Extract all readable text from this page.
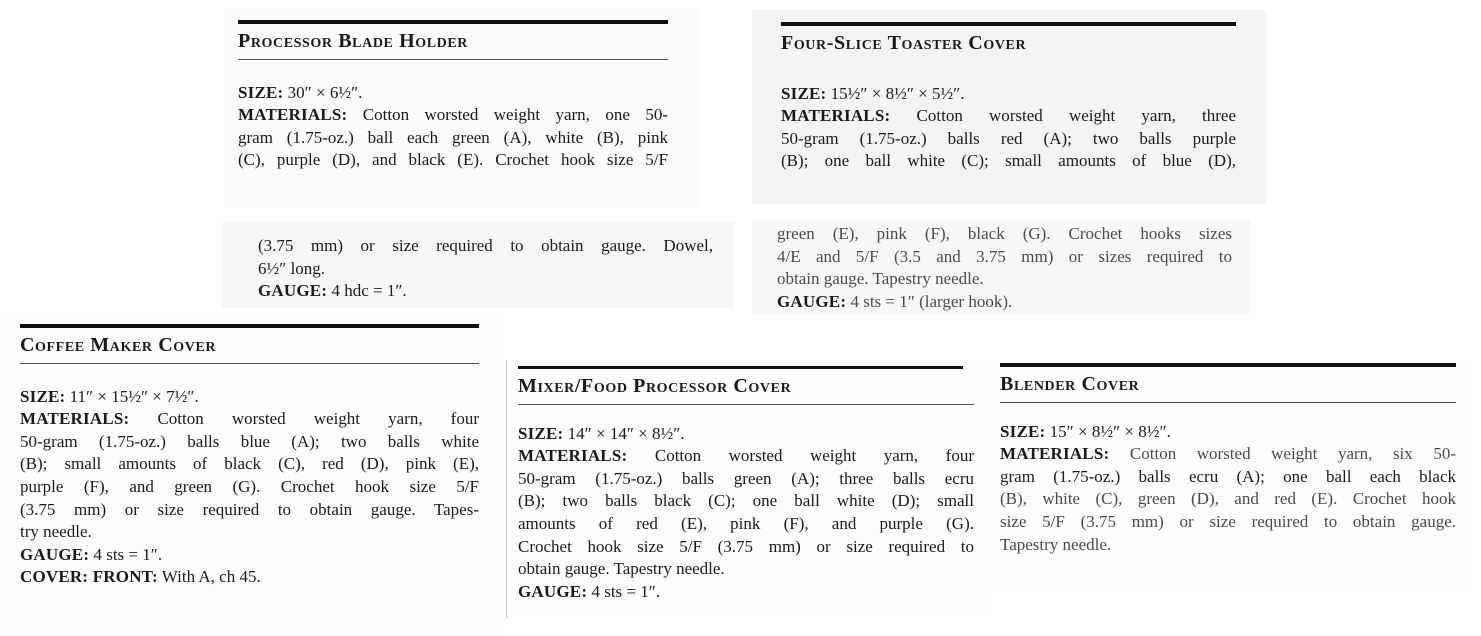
Processor Blade Holder
SIZE: 30″ × 6½″.
MATERIALS: Cotton worsted weight yarn, one 50-
gram (1.75-oz.) ball each green (A), white (B), pink
(C), purple (D), and black (E). Crochet hook size 5/F
(3.75 mm) or size required to obtain gauge. Dowel,
6½″ long.
GAUGE: 4 hdc = 1″.
Four-Slice Toaster Cover
SIZE: 15½″ × 8½″ × 5½″.
MATERIALS: Cotton worsted weight yarn, three
50-gram (1.75-oz.) balls red (A); two balls purple
(B); one ball white (C); small amounts of blue (D),
green (E), pink (F), black (G). Crochet hooks sizes
4/E and 5/F (3.5 and 3.75 mm) or sizes required to
obtain gauge. Tapestry needle.
GAUGE: 4 sts = 1″ (larger hook).
Coffee Maker Cover
SIZE: 11″ × 15½″ × 7½″.
MATERIALS: Cotton worsted weight yarn, four
50-gram (1.75-oz.) balls blue (A); two balls white
(B); small amounts of black (C), red (D), pink (E),
purple (F), and green (G). Crochet hook size 5/F
(3.75 mm) or size required to obtain gauge. Tapes-
try needle.
GAUGE: 4 sts = 1″.
COVER: FRONT: With A, ch 45.
Mixer/Food Processor Cover
SIZE: 14″ × 14″ × 8½″.
MATERIALS: Cotton worsted weight yarn, four
50-gram (1.75-oz.) balls green (A); three balls ecru
(B); two balls black (C); one ball white (D); small
amounts of red (E), pink (F), and purple (G).
Crochet hook size 5/F (3.75 mm) or size required to
obtain gauge. Tapestry needle.
GAUGE: 4 sts = 1″.
Blender Cover
SIZE: 15″ × 8½″ × 8½″.
MATERIALS: Cotton worsted weight yarn, six 50-
gram (1.75-oz.) balls ecru (A); one ball each black
(B), white (C), green (D), and red (E). Crochet hook
size 5/F (3.75 mm) or size required to obtain gauge.
Tapestry needle.
